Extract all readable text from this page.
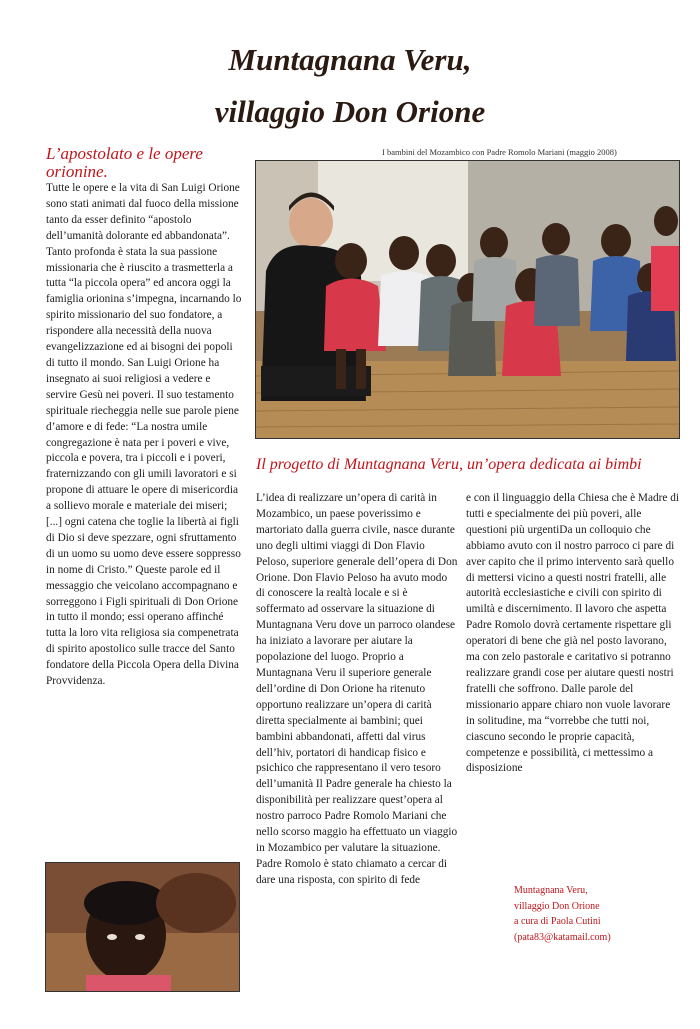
Muntagnana Veru,
villaggio Don Orione
L’apostolato e le opere orionine.

Tutte le opere e la vita di San Luigi Orione sono stati animati dal fuoco della missione tanto da esser definito “apostolo dell’umanità dolorante ed abbandonata”. Tanto profonda è stata la sua passione missionaria che è riuscito a trasmetterla a tutta “la piccola opera” ed ancora oggi la famiglia orionina s’impegna, incarnando lo spirito missionario del suo fondatore, a rispondere alla necessità della nuova evangelizzazione ed ai bisogni dei popoli di tutto il mondo. San Luigi Orione ha insegnato ai suoi religiosi a vedere e servire Gesù nei poveri. Il suo testamento spirituale riecheggia nelle sue parole piene d’amore e di fede: “La nostra umile congregazione è nata per i poveri e vive, piccola e povera, tra i piccoli e i poveri, fraternizzando con gli umili lavoratori e si propone di attuare le opere di misericordia a sollievo morale e materiale dei miseri; [...] ogni catena che toglie la libertà ai figli di Dio si deve spezzare, ogni sfruttamento di un uomo su uomo deve essere soppresso in nome di Cristo.” Queste parole ed il messaggio che veicolano accompagnano e sorreggono i Figli spirituali di Don Orione in tutto il mondo; essi operano affinché tutta la loro vita religiosa sia compenetrata di spirito apostolico sulle tracce del Santo fondatore della Piccola Opera della Divina Provvidenza.

I bambini del Mozambico con Padre Romolo Mariani (maggio 2008)
Il progetto di Muntagnana Veru, un’opera dedicata ai bimbi

L’idea di realizzare un’opera di carità in Mozambico, un paese poverissimo e martoriato dalla guerra civile, nasce durante uno degli ultimi viaggi di Don Flavio Peloso, superiore generale dell’opera di Don Orione. Don Flavio Peloso ha avuto modo di conoscere la realtà locale e si è soffermato ad osservare la situazione di Muntagnana Veru dove un parroco olandese ha iniziato a lavorare per aiutare la popolazione del luogo. Proprio a Muntagnana Veru il superiore generale dell’ordine di Don Orione ha ritenuto opportuno realizzare un’opera di carità diretta specialmente ai bambini; quei bambini abbandonati, affetti dal virus dell’hiv, portatori di handicap fisico e psichico che rappresentano il vero tesoro dell’umanità Il Padre generale ha chiesto la disponibilità per realizzare quest’opera al nostro parroco Padre Romolo Mariani che nello scorso maggio ha effettuato un viaggio in Mozambico per valutare la situazione. Padre Romolo è stato chiamato a cercar di dare una risposta, con spirito di fede

e con il linguaggio della Chiesa che è Madre di tutti e specialmente dei più poveri, alle questioni più urgentiDa un colloquio che abbiamo avuto con il nostro parroco ci pare di aver capito che il primo intervento sarà quello di mettersi vicino a questi nostri fratelli, alle autorità ecclesiastiche e civili con spirito di umiltà e discernimento. Il lavoro che aspetta Padre Romolo dovrà certamente rispettare gli operatori di bene che già nel posto lavorano, ma con zelo pastorale e caritativo si potranno realizzare grandi cose per aiutare questi nostri fratelli che soffrono. Dalle parole del missionario appare chiaro non vuole lavorare in solitudine, ma “vorrebbe che tutti noi, ciascuno secondo le proprie capacità, competenze e possibilità, ci mettessimo a disposizione

Muntagnana Veru,
villaggio Don Orione
a cura di Paola Cutini
(pata83@katamail.com)
